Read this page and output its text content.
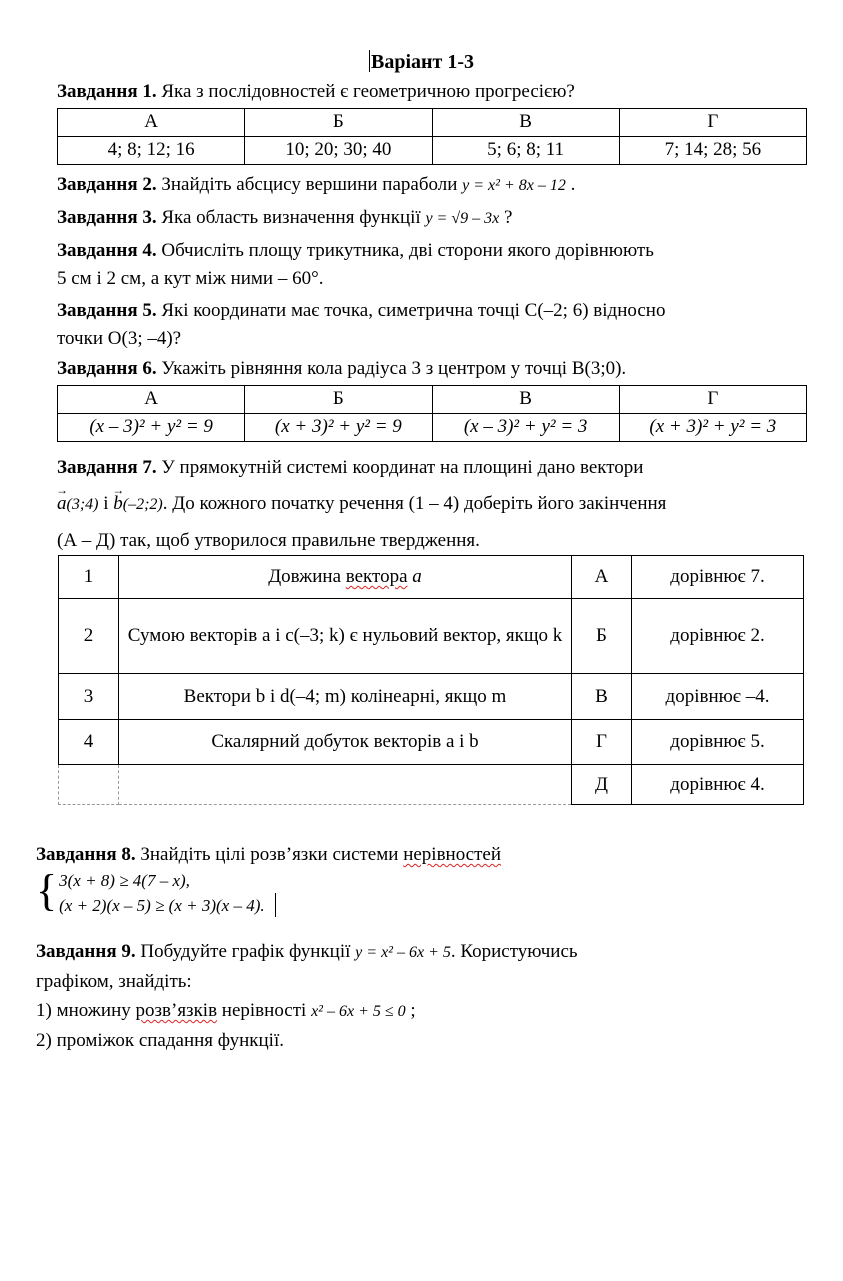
Варіант 1-3

Завдання 1. Яка з послідовностей є геометричною прогресією?

А	Б	В	Г
4; 8; 12; 16	10; 20; 30; 40	5; 6; 8; 11	7; 14; 28; 56

Завдання 2. Знайдіть абсцису вершини параболи y = x² + 8x – 12 .

Завдання 3. Яка область визначення функції y = √9 – 3x ?

Завдання 4. Обчисліть площу трикутника, дві сторони якого дорівнюють
5 см і 2 см, а кут між ними – 60°.

Завдання 5. Які координати має точка, симетрична точці C(–2; 6) відносно
точки O(3; –4)?

Завдання 6. Укажіть рівняння кола радіуса 3 з центром у точці B(3;0).

А	Б	В	Г
(x – 3)² + y² = 9	(x + 3)² + y² = 9	(x – 3)² + y² = 3	(x + 3)² + y² = 3

Завдання 7. У прямокутній системі координат на площині дано вектори
→ a(3;4) і → b(–2;2). До кожного початку речення (1 – 4) доберіть його закінчення
(А – Д) так, щоб утворилося правильне твердження.

1	Довжина вектора a	А	дорівнює 7.
2	Сумою векторів a і c(–3; k) є нульовий вектор, якщо k	Б	дорівнює 2.
3	Вектори b і d(–4; m) колінеарні, якщо m	В	дорівнює –4.
4	Скалярний добуток векторів a і b	Г	дорівнює 5.
		Д	дорівнює 4.

Завдання 8. Знайдіть цілі розв’язки системи нерівностей

{ 3(x + 8) ≥ 4(7 – x),
(x + 2)(x – 5) ≥ (x + 3)(x – 4).

Завдання 9. Побудуйте графік функції y = x² – 6x + 5. Користуючись
графіком, знайдіть:
1) множину розв’язків нерівності x² – 6x + 5 ≤ 0 ;
2) проміжок спадання функції.
